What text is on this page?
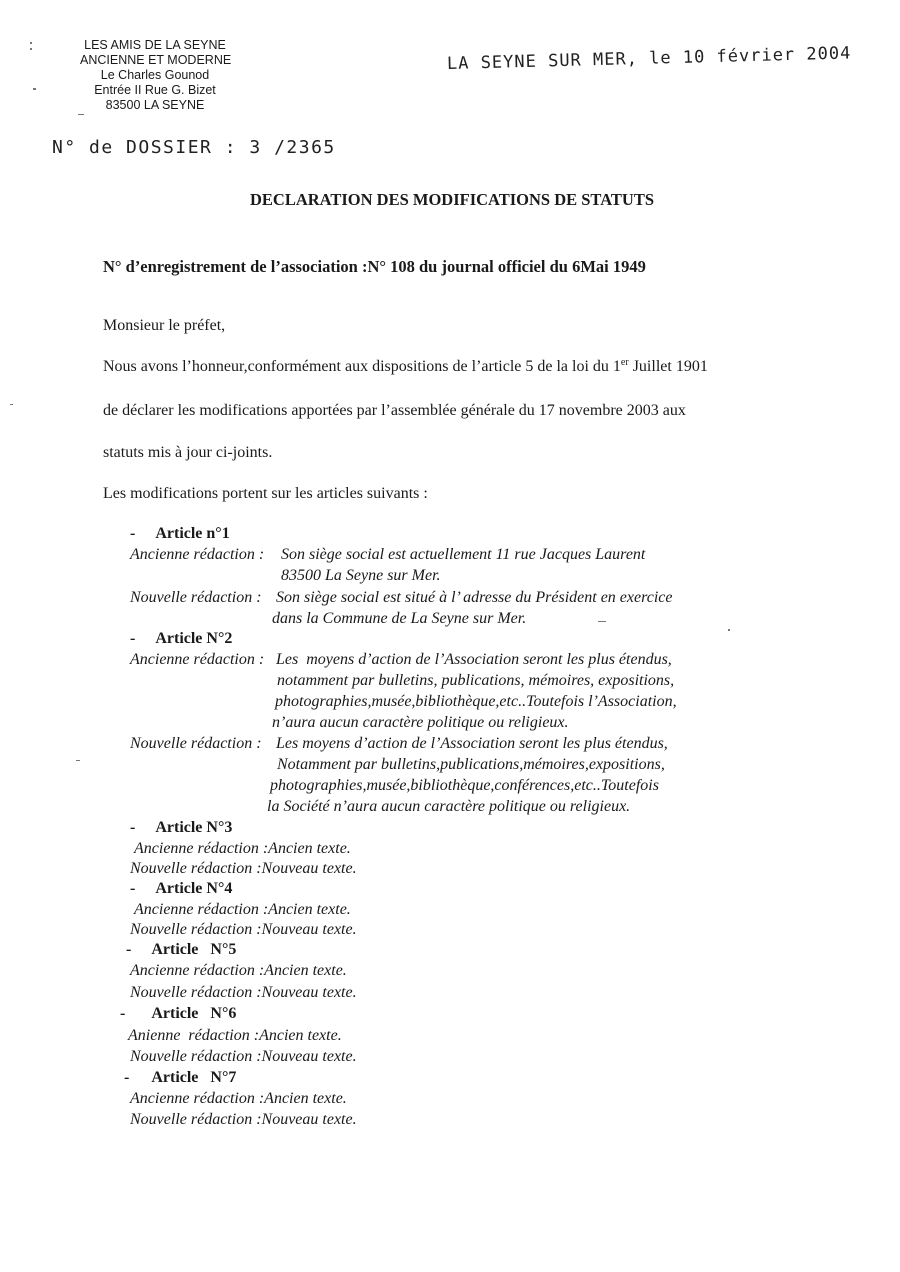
LES AMIS DE LA SEYNE
ANCIENNE ET MODERNE
Le Charles Gounod
Entrée II Rue G. Bizet
83500 LA SEYNE
LA SEYNE SUR MER, le 10 février 2004
N° de DOSSIER : 3 /2365
DECLARATION DES MODIFICATIONS DE STATUTS
N° d’enregistrement de l’association :N° 108 du journal officiel du 6Mai 1949
Monsieur le préfet,
Nous avons l’honneur,conformément aux dispositions de l’article 5 de la loi du 1er Juillet 1901
de déclarer les modifications apportées par l’assemblée générale du 17 novembre 2003 aux
statuts mis à jour ci-joints.
Les modifications portent sur les articles suivants :
- Article n°1
Ancienne rédaction : Son siège social est actuellement 11 rue Jacques Laurent
83500 La Seyne sur Mer.
Nouvelle rédaction : Son siège social est situé à l’ adresse du Président en exercice
dans la Commune de La Seyne sur Mer.
- Article N°2
Ancienne rédaction : Les  moyens d’action de l’Association seront les plus étendus,
notamment par bulletins, publications, mémoires, expositions,
photographies,musée,bibliothèque,etc..Toutefois l’Association,
n’aura aucun caractère politique ou religieux.
Nouvelle rédaction : Les moyens d’action de l’Association seront les plus étendus,
Notamment par bulletins,publications,mémoires,expositions,
photographies,musée,bibliothèque,conférences,etc..Toutefois
la Société n’aura aucun caractère politique ou religieux.
- Article N°3
Ancienne rédaction :Ancien texte.
Nouvelle rédaction :Nouveau texte.
- Article N°4
Ancienne rédaction :Ancien texte.
Nouvelle rédaction :Nouveau texte.
- Article   N°5
Ancienne rédaction :Ancien texte.
Nouvelle rédaction :Nouveau texte.
- Article   N°6
Anienne  rédaction :Ancien texte.
Nouvelle rédaction :Nouveau texte.
- Article   N°7
Ancienne rédaction :Ancien texte.
Nouvelle rédaction :Nouveau texte.
